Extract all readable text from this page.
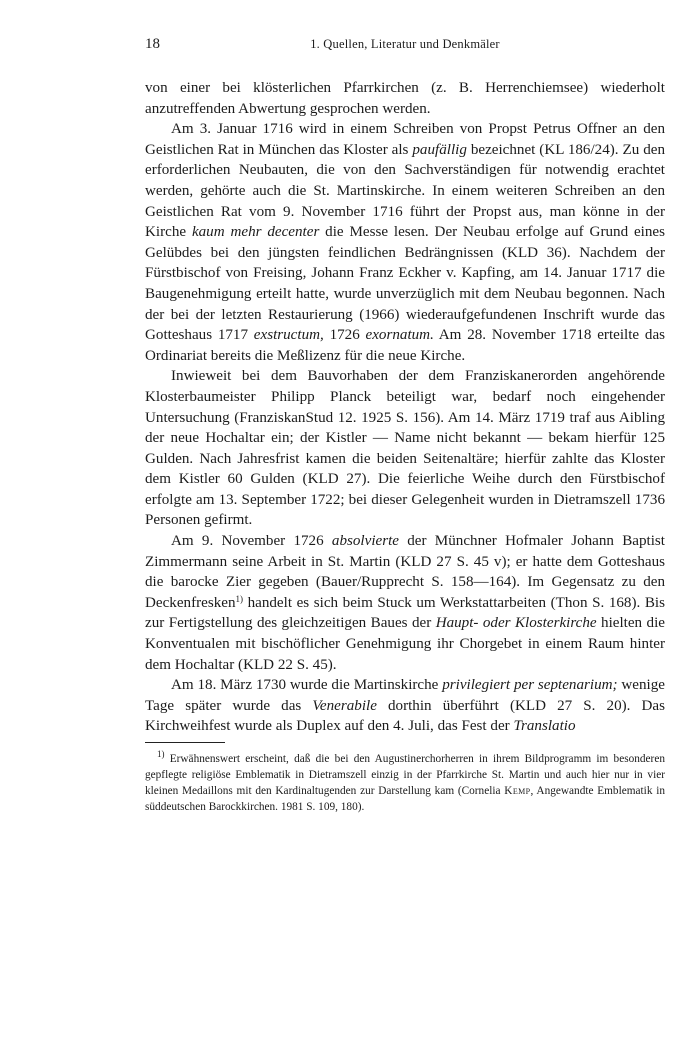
18	1. Quellen, Literatur und Denkmäler

von einer bei klösterlichen Pfarrkirchen (z. B. Herrenchiemsee) wiederholt anzutreffenden Abwertung gesprochen werden.

Am 3. Januar 1716 wird in einem Schreiben von Propst Petrus Offner an den Geistlichen Rat in München das Kloster als paufällig bezeichnet (KL 186/24). Zu den erforderlichen Neubauten, die von den Sachverständigen für notwendig erachtet werden, gehörte auch die St. Martinskirche. In einem weiteren Schreiben an den Geistlichen Rat vom 9. November 1716 führt der Propst aus, man könne in der Kirche kaum mehr decenter die Messe lesen. Der Neubau erfolge auf Grund eines Gelübdes bei den jüngsten feindlichen Bedrängnissen (KLD 36). Nachdem der Fürstbischof von Freising, Johann Franz Eckher v. Kapfing, am 14. Januar 1717 die Baugenehmigung erteilt hatte, wurde unverzüglich mit dem Neubau begonnen. Nach der bei der letzten Restaurierung (1966) wiederaufgefundenen Inschrift wurde das Gotteshaus 1717 exstructum, 1726 exornatum. Am 28. November 1718 erteilte das Ordinariat bereits die Meßlizenz für die neue Kirche.

Inwieweit bei dem Bauvorhaben der dem Franziskanerorden angehörende Klosterbaumeister Philipp Planck beteiligt war, bedarf noch eingehender Untersuchung (FranziskanStud 12. 1925 S. 156). Am 14. März 1719 traf aus Aibling der neue Hochaltar ein; der Kistler — Name nicht bekannt — bekam hierfür 125 Gulden. Nach Jahresfrist kamen die beiden Seitenaltäre; hierfür zahlte das Kloster dem Kistler 60 Gulden (KLD 27). Die feierliche Weihe durch den Fürstbischof erfolgte am 13. September 1722; bei dieser Gelegenheit wurden in Dietramszell 1736 Personen gefirmt.

Am 9. November 1726 absolvierte der Münchner Hofmaler Johann Baptist Zimmermann seine Arbeit in St. Martin (KLD 27 S. 45 v); er hatte dem Gotteshaus die barocke Zier gegeben (Bauer/Rupprecht S. 158—164). Im Gegensatz zu den Deckenfresken$^{1)}$ handelt es sich beim Stuck um Werkstattarbeiten (Thon S. 168). Bis zur Fertigstellung des gleichzeitigen Baues der Haupt- oder Klosterkirche hielten die Konventualen mit bischöflicher Genehmigung ihr Chorgebet in einem Raum hinter dem Hochaltar (KLD 22 S. 45).

Am 18. März 1730 wurde die Martinskirche privilegiert per septenarium; wenige Tage später wurde das Venerabile dorthin überführt (KLD 27 S. 20). Das Kirchweihfest wurde als Duplex auf den 4. Juli, das Fest der Translatio

$^{1)}$ Erwähnenswert erscheint, daß die bei den Augustinerchorherren in ihrem Bildprogramm im besonderen gepflegte religiöse Emblematik in Dietramszell einzig in der Pfarrkirche St. Martin und auch hier nur in vier kleinen Medaillons mit den Kardinaltugenden zur Darstellung kam (Cornelia Kemp, Angewandte Emblematik in süddeutschen Barockkirchen. 1981 S. 109, 180).
